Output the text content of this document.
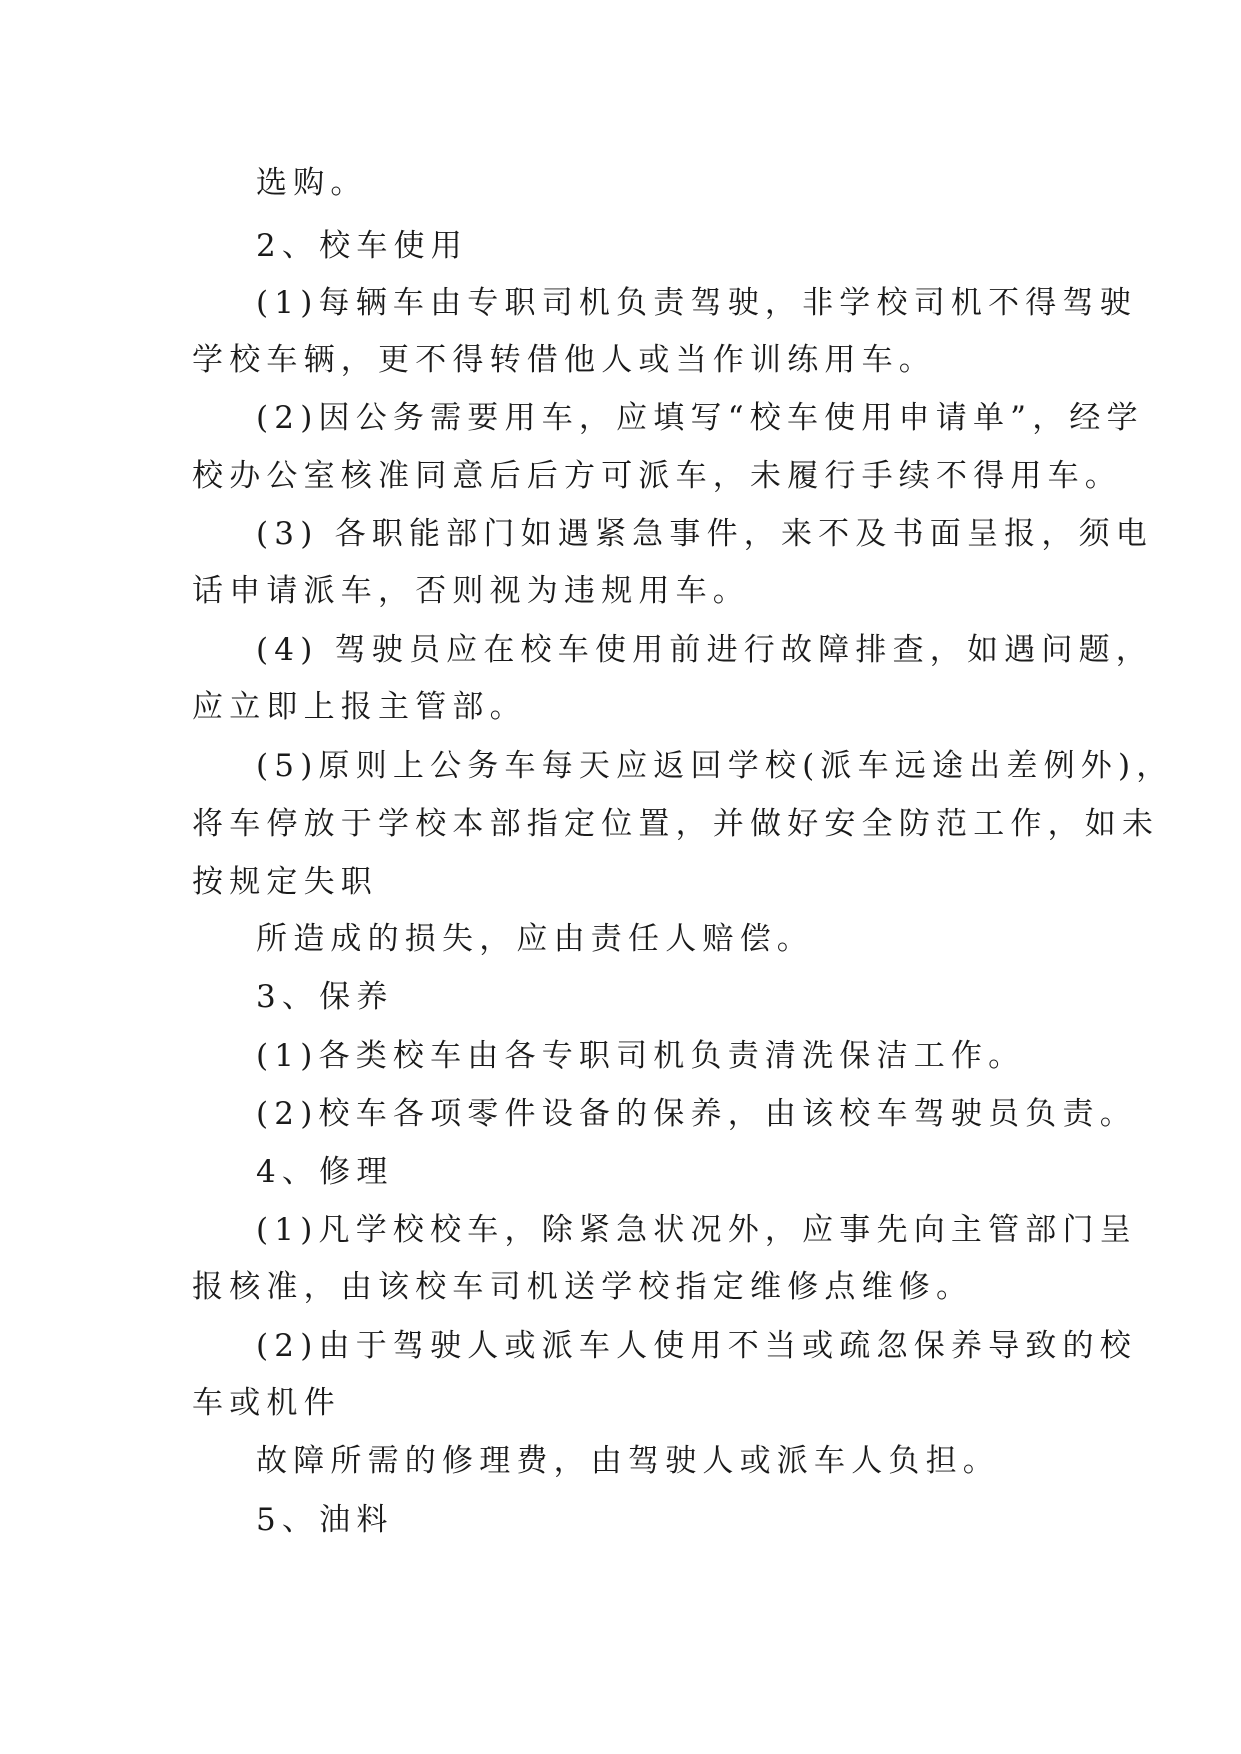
选购。
2、校车使用
(1)每辆车由专职司机负责驾驶，非学校司机不得驾驶
学校车辆，更不得转借他人或当作训练用车。
(2)因公务需要用车，应填写“校车使用申请单”，经学
校办公室核准同意后后方可派车，未履行手续不得用车。
(3) 各职能部门如遇紧急事件，来不及书面呈报，须电
话申请派车，否则视为违规用车。
(4) 驾驶员应在校车使用前进行故障排查，如遇问题，
应立即上报主管部。
(5)原则上公务车每天应返回学校(派车远途出差例外)，
将车停放于学校本部指定位置，并做好安全防范工作，如未
按规定失职
所造成的损失，应由责任人赔偿。
3、保养
(1)各类校车由各专职司机负责清洗保洁工作。
(2)校车各项零件设备的保养，由该校车驾驶员负责。
4、修理
(1)凡学校校车，除紧急状况外，应事先向主管部门呈
报核准，由该校车司机送学校指定维修点维修。
(2)由于驾驶人或派车人使用不当或疏忽保养导致的校
车或机件
故障所需的修理费，由驾驶人或派车人负担。
5、油料
